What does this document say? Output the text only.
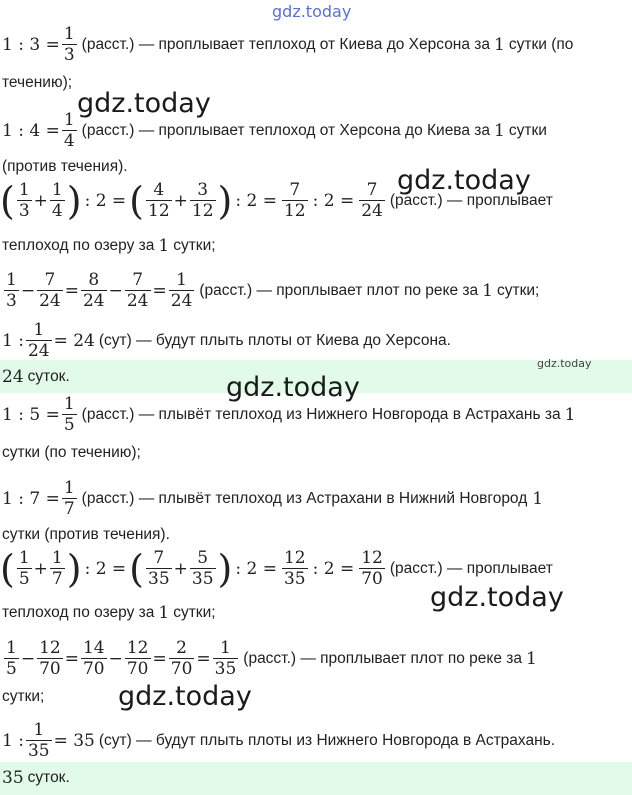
gdz.today
gdz.today
gdz.today
gdz.today
gdz.today
gdz.today
gdz.today
1 : $3 = \frac{1}{3}$ (расст.) — проплывает теплоход от Киева до Херсона за 1 сутки (по
течению);
1 : $4 = \frac{1}{4}$ (расст.) — проплывает теплоход от Херсона до Киева за 1 сутки
(против течения).
( $\frac{1}{3} + \frac{1}{4}$ ) : 2 = ( $\frac{4}{12} + \frac{3}{12}$ ) : $2 = \frac{7}{12}$ : $2 = \frac{7}{24}$ (расст.) — проплывает
теплоход по озеру за 1 сутки;
$\frac{1}{3} - \frac{7}{24} = \frac{8}{24} - \frac{7}{24} = \frac{1}{24}$ (расст.) — проплывает плот по реке за 1 сутки;
1 : $\frac{1}{24} = 24$ (сут) — будут плыть плоты от Киева до Херсона.
24 суток.
1 : $5 = \frac{1}{5}$ (расст.) — плывёт теплоход из Нижнего Новгорода в Астрахань за 1
сутки (по течению);
1 : $7 = \frac{1}{7}$ (расст.) — плывёт теплоход из Астрахани в Нижний Новгород 1
сутки (против течения).
( $\frac{1}{5} + \frac{1}{7}$ ) : 2 = ( $\frac{7}{35} + \frac{5}{35}$ ) : $2 = \frac{12}{35}$ : $2 = \frac{12}{70}$ (расст.) — проплывает
теплоход по озеру за 1 сутки;
$\frac{1}{5} - \frac{12}{70} = \frac{14}{70} - \frac{12}{70} = \frac{2}{70} = \frac{1}{35}$ (расст.) — проплывает плот по реке за 1
сутки;
1 : $\frac{1}{35} = 35$ (сут) — будут плыть плоты из Нижнего Новгорода в Астрахань.
35 суток.
